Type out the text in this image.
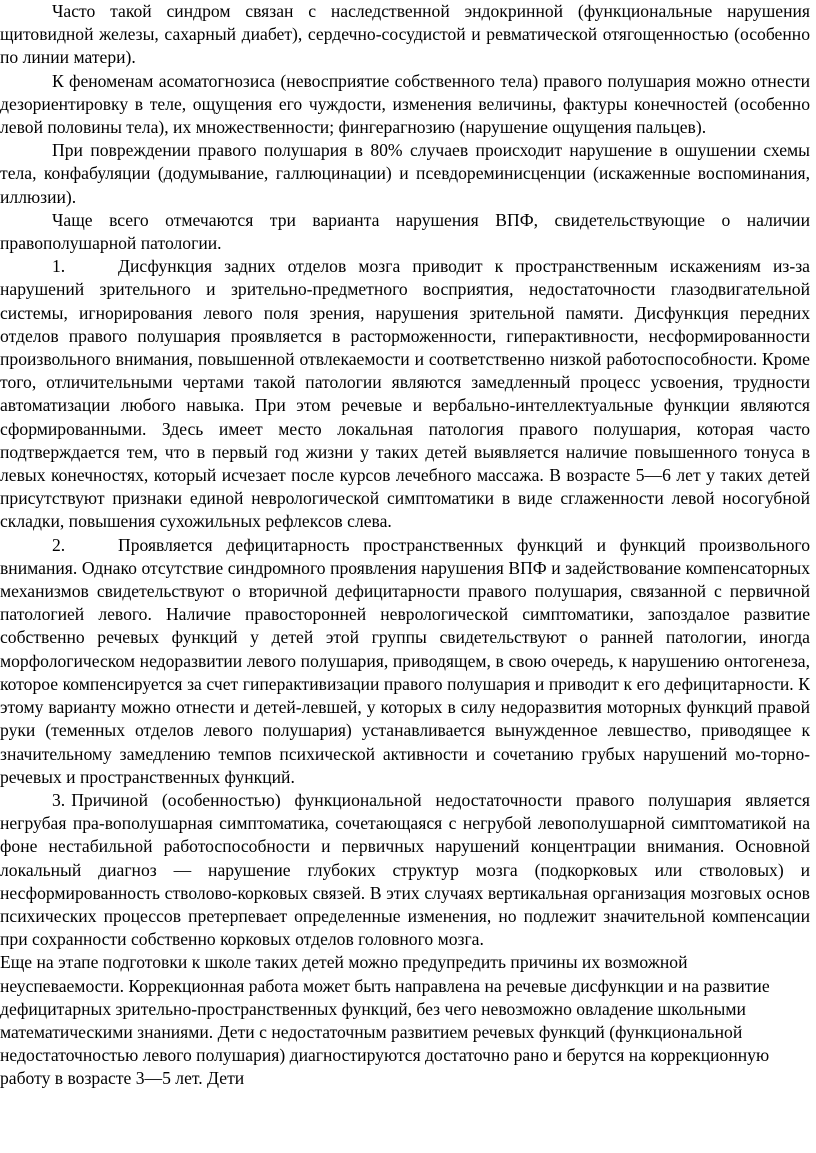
Часто такой синдром связан с наследственной эндокринной (функциональные нарушения щитовидной железы, сахарный диабет), сердечно-сосудистой и ревматической отягощенностью (особенно по линии матери).

К феноменам асоматогнозиса (невосприятие собственного тела) правого полушария можно отнести дезориентировку в теле, ощущения его чуждости, изменения величины, фактуры конечностей (особенно левой половины тела), их множественности; фингерагнозию (нарушение ощущения пальцев).

При повреждении правого полушария в 80% случаев происходит нарушение в ошушении схемы тела, конфабуляции (додумывание, галлюцинации) и псевдореминисценции (искаженные воспоминания, иллюзии).

Чаще всего отмечаются три варианта нарушения ВПФ, свидетельствующие о наличии правополушарной патологии.

1.	Дисфункция задних отделов мозга приводит к пространственным искажениям из-за нарушений зрительного и зрительно-предметного восприятия, недостаточности глазодвигательной системы, игнорирования левого поля зрения, нарушения зрительной памяти. Дисфункция передних отделов правого полушария проявляется в расторможенности, гиперактивности, несформированности произвольного внимания, повышенной отвлекаемости и соответственно низкой работоспособности. Кроме того, отличительными чертами такой патологии являются замедленный процесс усвоения, трудности автоматизации любого навыка. При этом речевые и вербально-интеллектуальные функции являются сформированными. Здесь имеет место локальная патология правого полушария, которая часто подтверждается тем, что в первый год жизни у таких детей выявляется наличие повышенного тонуса в левых конечностях, который исчезает после курсов лечебного массажа. В возрасте 5—6 лет у таких детей присутствуют признаки единой неврологической симптоматики в виде сглаженности левой носогубной складки, повышения сухожильных рефлексов слева.

2.	Проявляется дефицитарность пространственных функций и функций произвольного внимания. Однако отсутствие синдромного проявления нарушения ВПФ и задействование компенсаторных механизмов свидетельствуют о вторичной дефицитарности правого полушария, связанной с первичной патологией левого. Наличие правосторонней неврологической симптоматики, запоздалое развитие собственно речевых функций у детей этой группы свидетельствуют о ранней патологии, иногда морфологическом недоразвитии левого полушария, приводящем, в свою очередь, к нарушению онтогенеза, которое компенсируется за счет гиперактивизации правого полушария и приводит к его дефицитарности. К этому варианту можно отнести и детей-левшей, у которых в силу недоразвития моторных функций правой руки (теменных отделов левого полушария) устанавливается вынужденное левшество, приводящее к значительному замедлению темпов психической активности и сочетанию грубых нарушений мо-торно-речевых и пространственных функций.

3. Причиной (особенностью) функциональной недостаточности правого полушария является негрубая пра-вополушарная симптоматика, сочетающаяся с негрубой левополушарной симптоматикой на фоне нестабильной работоспособности и первичных нарушений концентрации внимания. Основной локальный диагноз — нарушение глубоких структур мозга (подкорковых или стволовых) и несформированность стволово-корковых связей. В этих случаях вертикальная организация мозговых основ психических процессов претерпевает определенные изменения, но подлежит значительной компенсации при сохранности собственно корковых отделов головного мозга.

Еще на этапе подготовки к школе таких детей можно предупредить причины их возможной неуспеваемости. Коррекционная работа может быть направлена на речевые дисфункции и на развитие дефицитарных зрительно-пространственных функций, без чего невозможно овладение школьными математическими знаниями. Дети с недостаточным развитием речевых функций (функциональной недостаточностью левого полушария) диагностируются достаточно рано и берутся на коррекционную работу в возрасте 3—5 лет. Дети
